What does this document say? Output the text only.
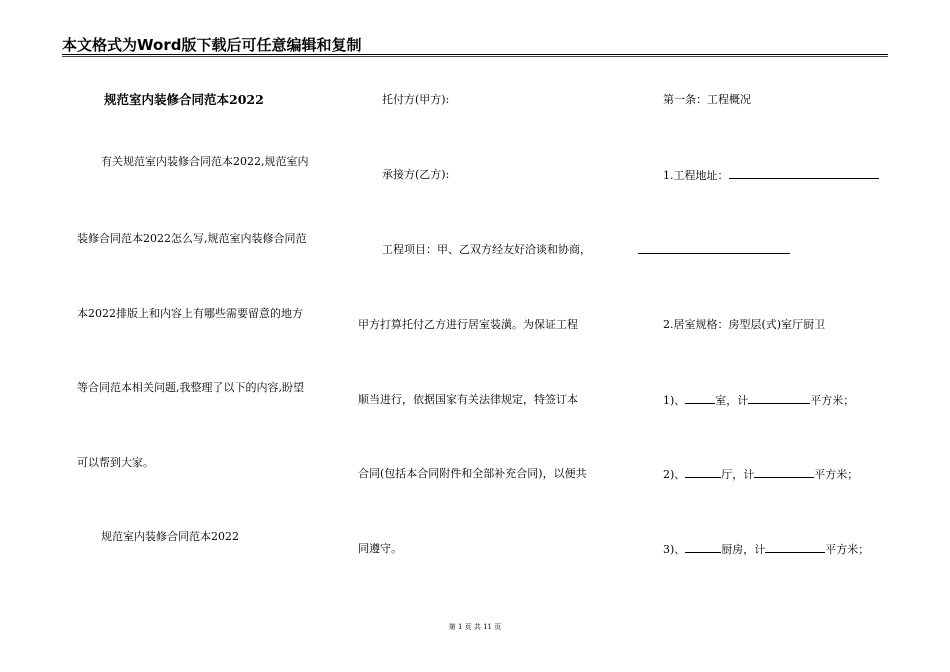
本文格式为Word版下载后可任意编辑和复制
规范室内装修合同范本2022
有关规范室内装修合同范本2022,规范室内
装修合同范本2022怎么写,规范室内装修合同范
本2022排版上和内容上有哪些需要留意的地方
等合同范本相关问题,我整理了以下的内容,盼望
可以帮到大家。
规范室内装修合同范本2022
托付方(甲方):
承接方(乙方):
工程项目：甲、乙双方经友好洽谈和协商，
甲方打算托付乙方进行居室装潢。为保证工程
顺当进行，依据国家有关法律规定，特签订本
合同(包括本合同附件和全部补充合同)，以便共
同遵守。
第一条：工程概况
1.工程地址：
2.居室规格：房型层(式)室厅厨卫
1)、	室，计	平方米；
2)、	厅，计	平方米；
3)、	厨房，计	平方米；
第 1 页 共 11 页
